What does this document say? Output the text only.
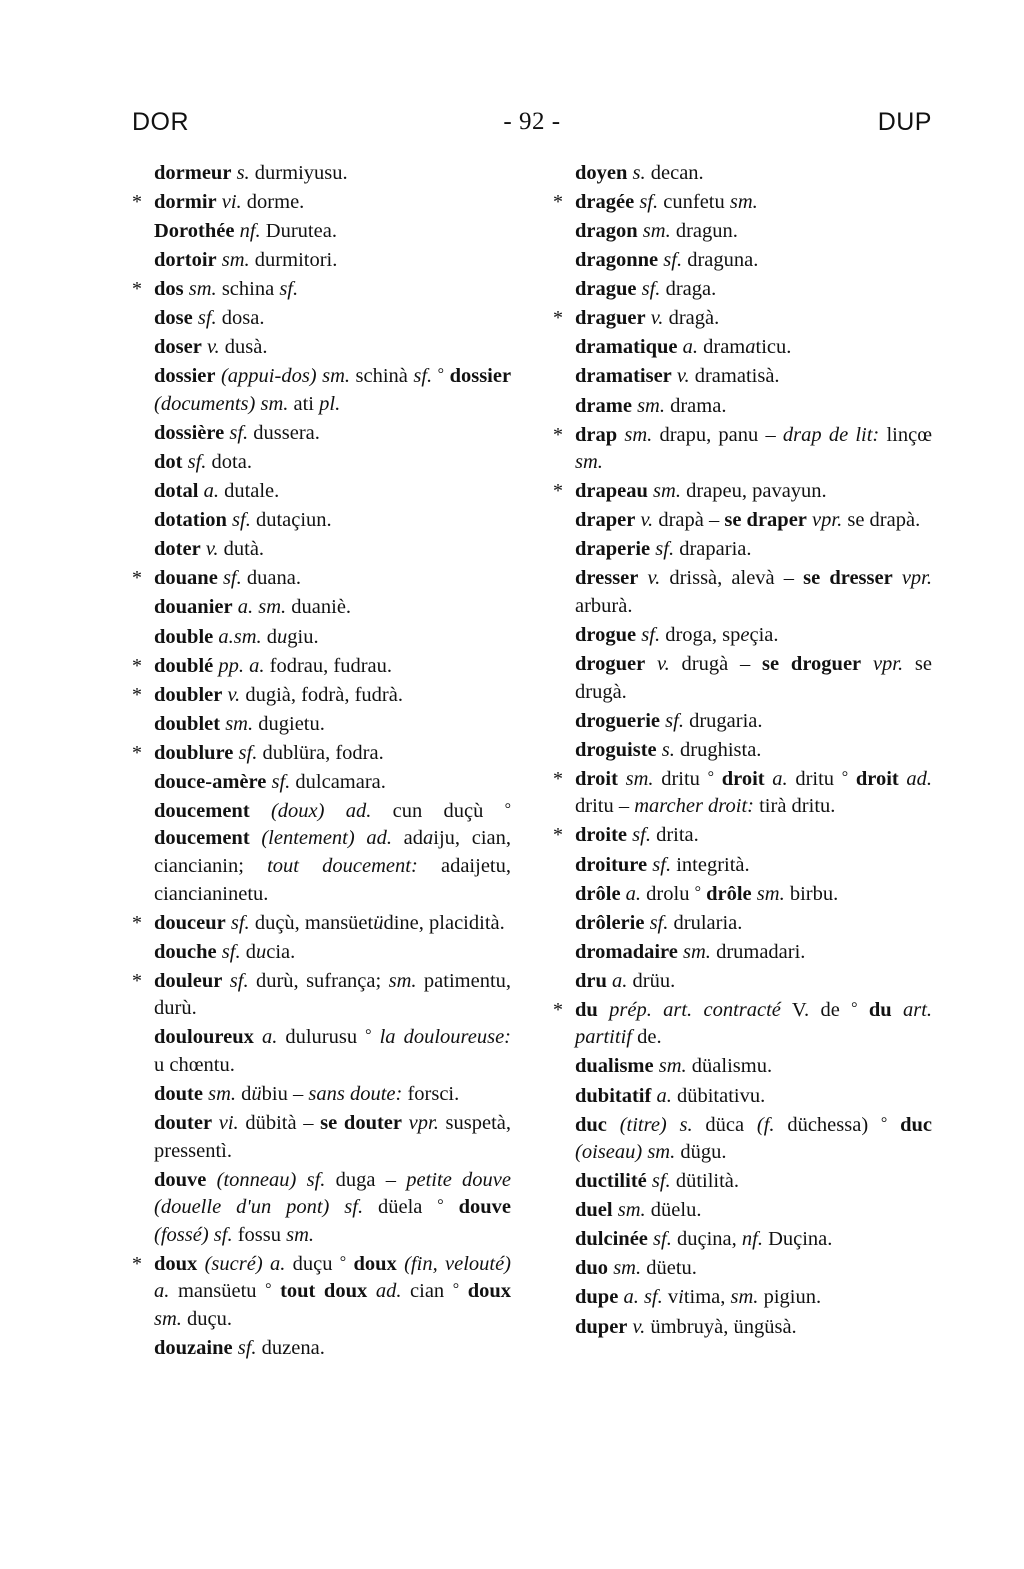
DOR	- 92 -	DUP
dormeur s. durmiyusu.
* dormir vi. dorme.
Dorothée nf. Durutea.
dortoir sm. durmitori.
* dos sm. schina sf.
dose sf. dosa.
doser v. dusà.
dossier (appui-dos) sm. schinà sf. ° dossier (documents) sm. ati pl.
dossière sf. dussera.
dot sf. dota.
dotal a. dutale.
dotation sf. dutaçiun.
doter v. dutà.
* douane sf. duana.
douanier a. sm. duaniè.
double a.sm. dugiu.
* doublé pp. a. fodrau, fudrau.
* doubler v. dugià, fodrà, fudrà.
doublet sm. dugietu.
* doublure sf. dublüra, fodra.
douce-amère sf. dulcamara.
doucement (doux) ad. cun duçù ° doucement (lentement) ad. adaiju, cian, ciancianin; tout doucement: adaijetu, ciancianinetu.
* douceur sf. duçù, mansüetüdine, placidità.
douche sf. ducia.
* douleur sf. durù, sufrança; sm. patimentu, durù.
douloureux a. dulurusu ° la douloureuse: u chœntu.
doute sm. dübiu – sans doute: forsci.
douter vi. dübità – se douter vpr. suspetà, pressentì.
douve (tonneau) sf. duga – petite douve (douelle d'un pont) sf. düela ° douve (fossé) sf. fossu sm.
* doux (sucré) a. duçu ° doux (fin, velouté) a. mansüetu ° tout doux ad. cian ° doux sm. duçu.
douzaine sf. duzena.
doyen s. decan.
* dragée sf. cunfetu sm.
dragon sm. dragun.
dragonne sf. draguna.
drague sf. draga.
* draguer v. dragà.
dramatique a. dramaticu.
dramatiser v. dramatisà.
drame sm. drama.
* drap sm. drapu, panu – drap de lit: linçœ sm.
* drapeau sm. drapeu, pavayun.
draper v. drapà – se draper vpr. se drapà.
draperie sf. draparia.
dresser v. drissà, alevà – se dresser vpr. arburà.
drogue sf. droga, speçia.
droguer v. drugà – se droguer vpr. se drugà.
droguerie sf. drugaria.
droguiste s. drughista.
* droit sm. dritu ° droit a. dritu ° droit ad. dritu – marcher droit: tirà dritu.
* droite sf. drita.
droiture sf. integrità.
drôle a. drolu ° drôle sm. birbu.
drôlerie sf. drularia.
dromadaire sm. drumadari.
dru a. drüu.
* du prép. art. contracté V. de ° du art. partitif de.
dualisme sm. düalismu.
dubitatif a. dübitativu.
duc (titre) s. düca (f. düchessa) ° duc (oiseau) sm. dügu.
ductilité sf. dütilità.
duel sm. düelu.
dulcinée sf. duçina, nf. Duçina.
duo sm. düetu.
dupe a. sf. vitima, sm. pigiun.
duper v. ümbruyà, üngüsà.
